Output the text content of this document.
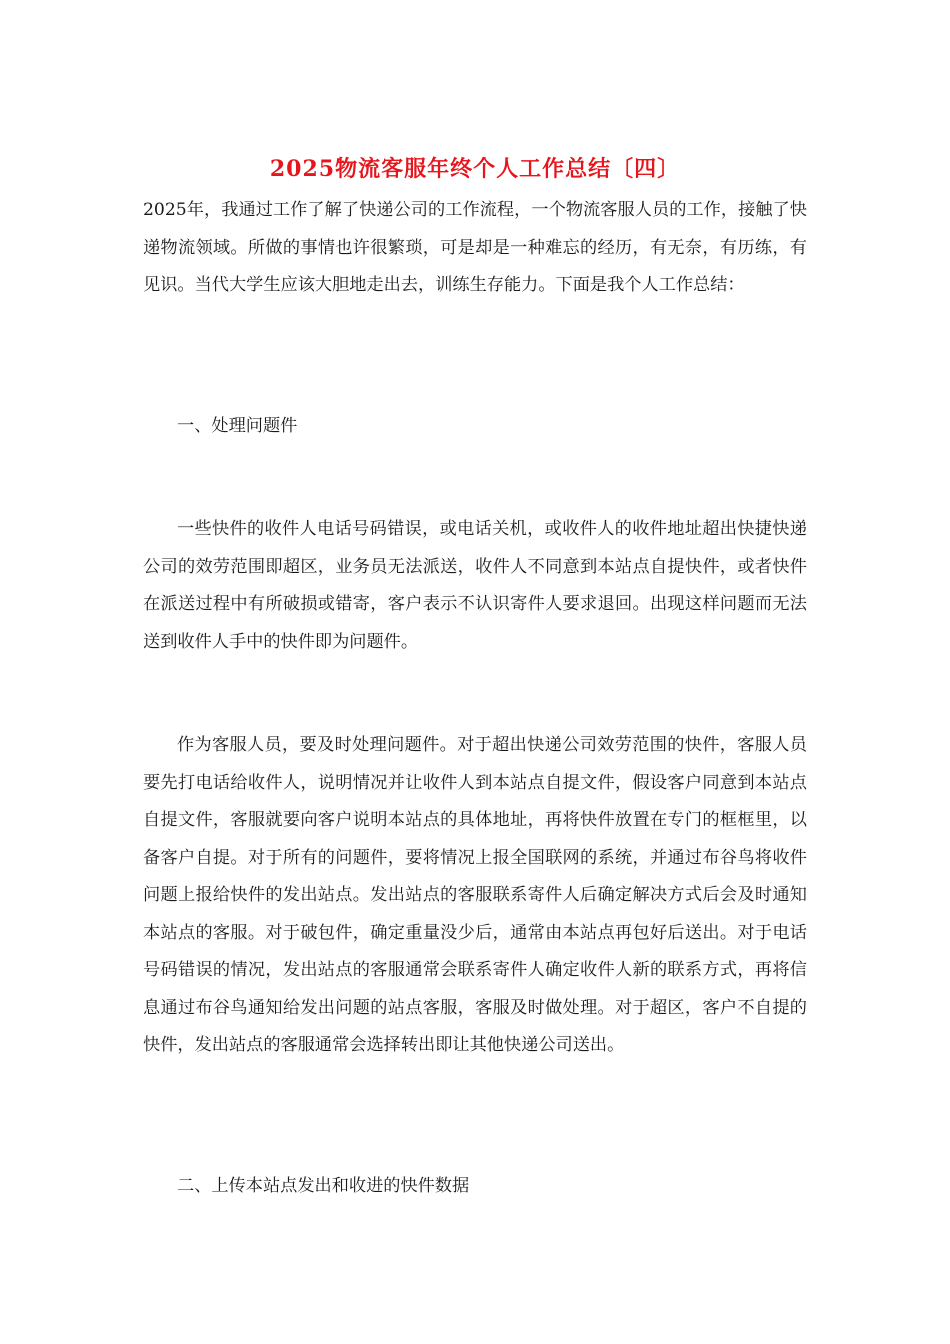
2025物流客服年终个人工作总结〔四〕

2025年，我通过工作了解了快递公司的工作流程，一个物流客服人员的工作，接触了快递物流领域。所做的事情也许很繁琐，可是却是一种难忘的经历，有无奈，有历练，有见识。当代大学生应该大胆地走出去，训练生存能力。下面是我个人工作总结：

一、处理问题件

一些快件的收件人电话号码错误，或电话关机，或收件人的收件地址超出快捷快递公司的效劳范围即超区，业务员无法派送，收件人不同意到本站点自提快件，或者快件在派送过程中有所破损或错寄，客户表示不认识寄件人要求退回。出现这样问题而无法送到收件人手中的快件即为问题件。

作为客服人员，要及时处理问题件。对于超出快递公司效劳范围的快件，客服人员要先打电话给收件人，说明情况并让收件人到本站点自提文件，假设客户同意到本站点自提文件，客服就要向客户说明本站点的具体地址，再将快件放置在专门的框框里，以备客户自提。对于所有的问题件，要将情况上报全国联网的系统，并通过布谷鸟将收件问题上报给快件的发出站点。发出站点的客服联系寄件人后确定解决方式后会及时通知本站点的客服。对于破包件，确定重量没少后，通常由本站点再包好后送出。对于电话号码错误的情况，发出站点的客服通常会联系寄件人确定收件人新的联系方式，再将信息通过布谷鸟通知给发出问题的站点客服，客服及时做处理。对于超区，客户不自提的快件，发出站点的客服通常会选择转出即让其他快递公司送出。

二、上传本站点发出和收进的快件数据
